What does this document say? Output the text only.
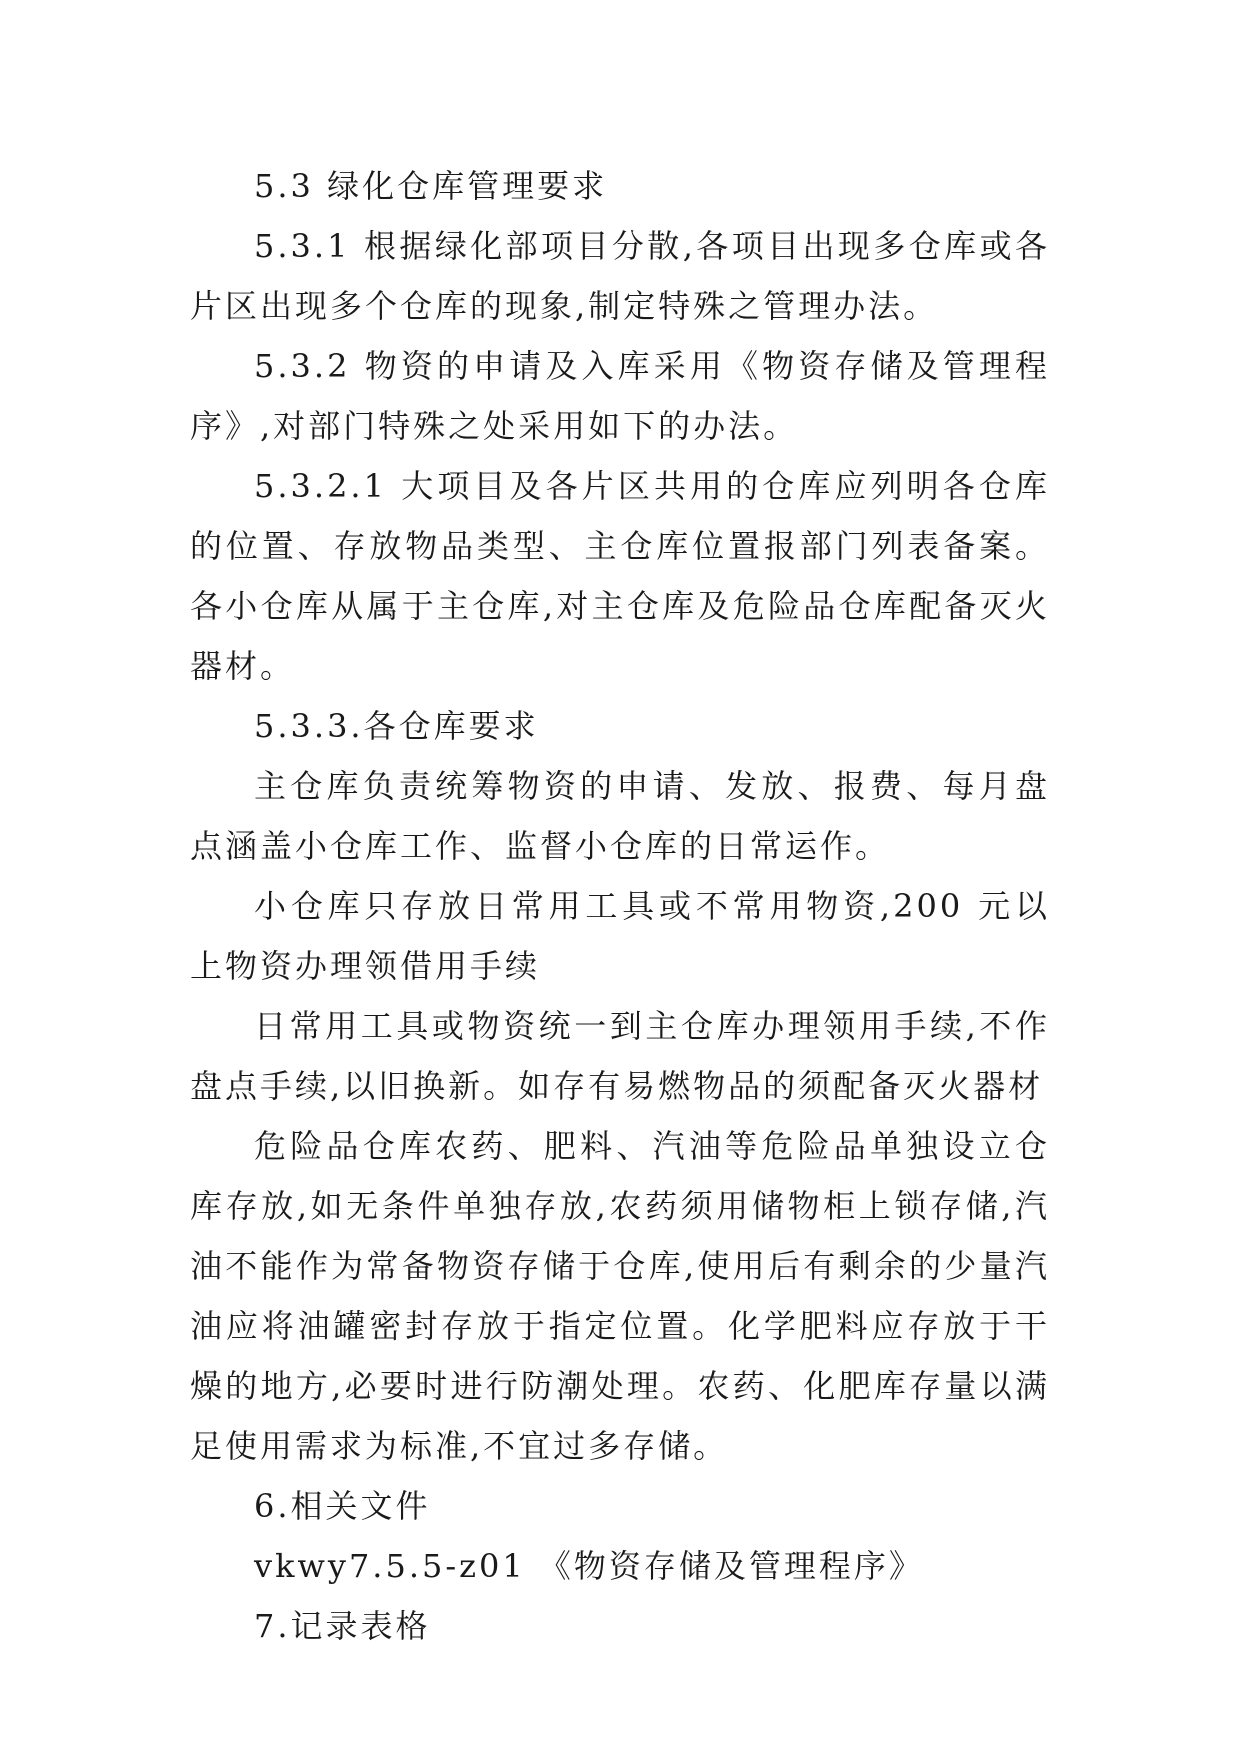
5.3 绿化仓库管理要求

5.3.1 根据绿化部项目分散,各项目出现多仓库或各片区出现多个仓库的现象,制定特殊之管理办法。

5.3.2 物资的申请及入库采用《物资存储及管理程序》,对部门特殊之处采用如下的办法。

5.3.2.1 大项目及各片区共用的仓库应列明各仓库的位置、存放物品类型、主仓库位置报部门列表备案。各小仓库从属于主仓库,对主仓库及危险品仓库配备灭火器材。

5.3.3.各仓库要求

主仓库负责统筹物资的申请、发放、报费、每月盘点涵盖小仓库工作、监督小仓库的日常运作。

小仓库只存放日常用工具或不常用物资,200 元以上物资办理领借用手续

日常用工具或物资统一到主仓库办理领用手续,不作盘点手续,以旧换新。如存有易燃物品的须配备灭火器材

危险品仓库农药、肥料、汽油等危险品单独设立仓库存放,如无条件单独存放,农药须用储物柜上锁存储,汽油不能作为常备物资存储于仓库,使用后有剩余的少量汽油应将油罐密封存放于指定位置。化学肥料应存放于干燥的地方,必要时进行防潮处理。农药、化肥库存量以满足使用需求为标准,不宜过多存储。

6.相关文件

vkwy7.5.5-z01 《物资存储及管理程序》

7.记录表格
